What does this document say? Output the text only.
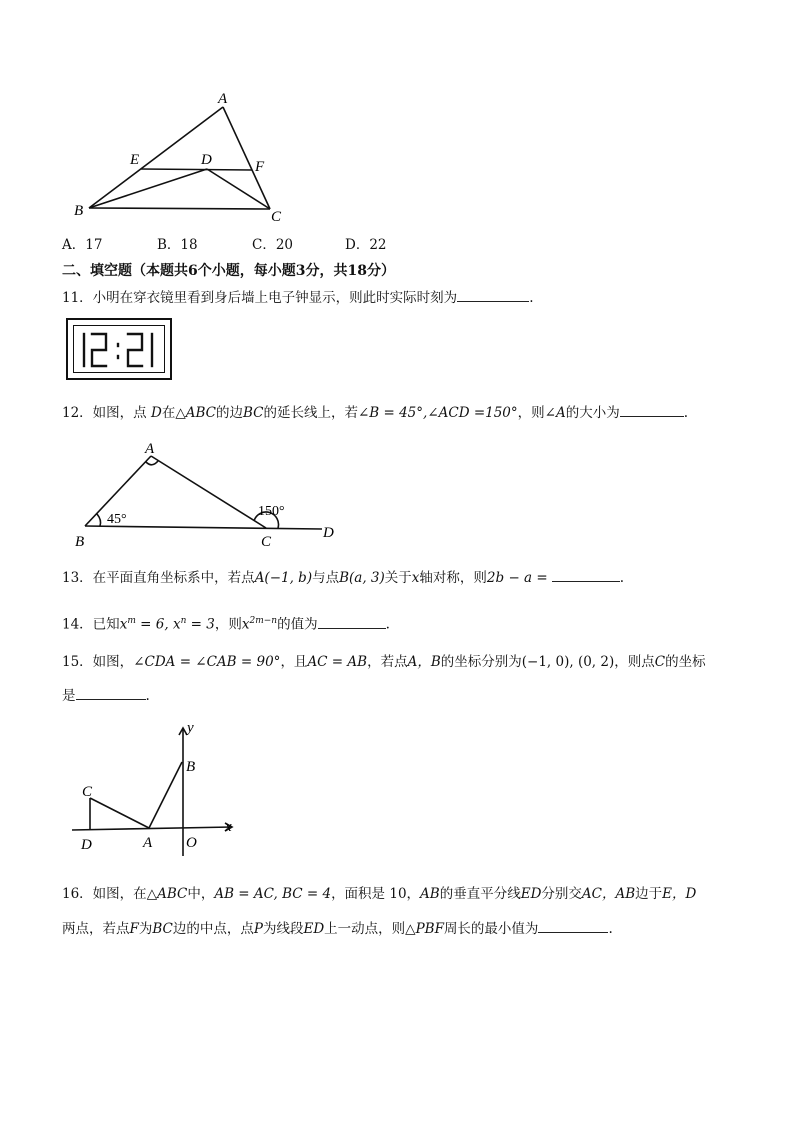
A
E	D	F
B	C
A．17	B．18	C．20	D．22
二、填空题（本题共6个小题，每小题3分，共18分）
11．小明在穿衣镜里看到身后墙上电子钟显示，则此时实际时刻为	.
12．如图，点 D在△ABC的边BC的延长线上，若∠B = 45°,∠ACD =150°，则∠A的大小为	.
A
45°
150°
B	C
D
13．在平面直角坐标系中，若点A(−1, b)与点B(a, 3)关于x轴对称，则2b − a =	.
14．已知$x^m = 6$, $x^n = 3$，则$x^{2m-n}$的值为	.
15．如图，∠CDA = ∠CAB = 90°，且AC = AB，若点A，B的坐标分别为(−1, 0), (0, 2)，则点C的坐标
是	.
y
x
B
C
D	A O
16．如图，在△ABC中，AB = AC, BC = 4，面积是 10，AB的垂直平分线ED分别交AC，AB边于E，D
两点，若点F为BC边的中点，点P为线段ED上一动点，则△PBF周长的最小值为	.
